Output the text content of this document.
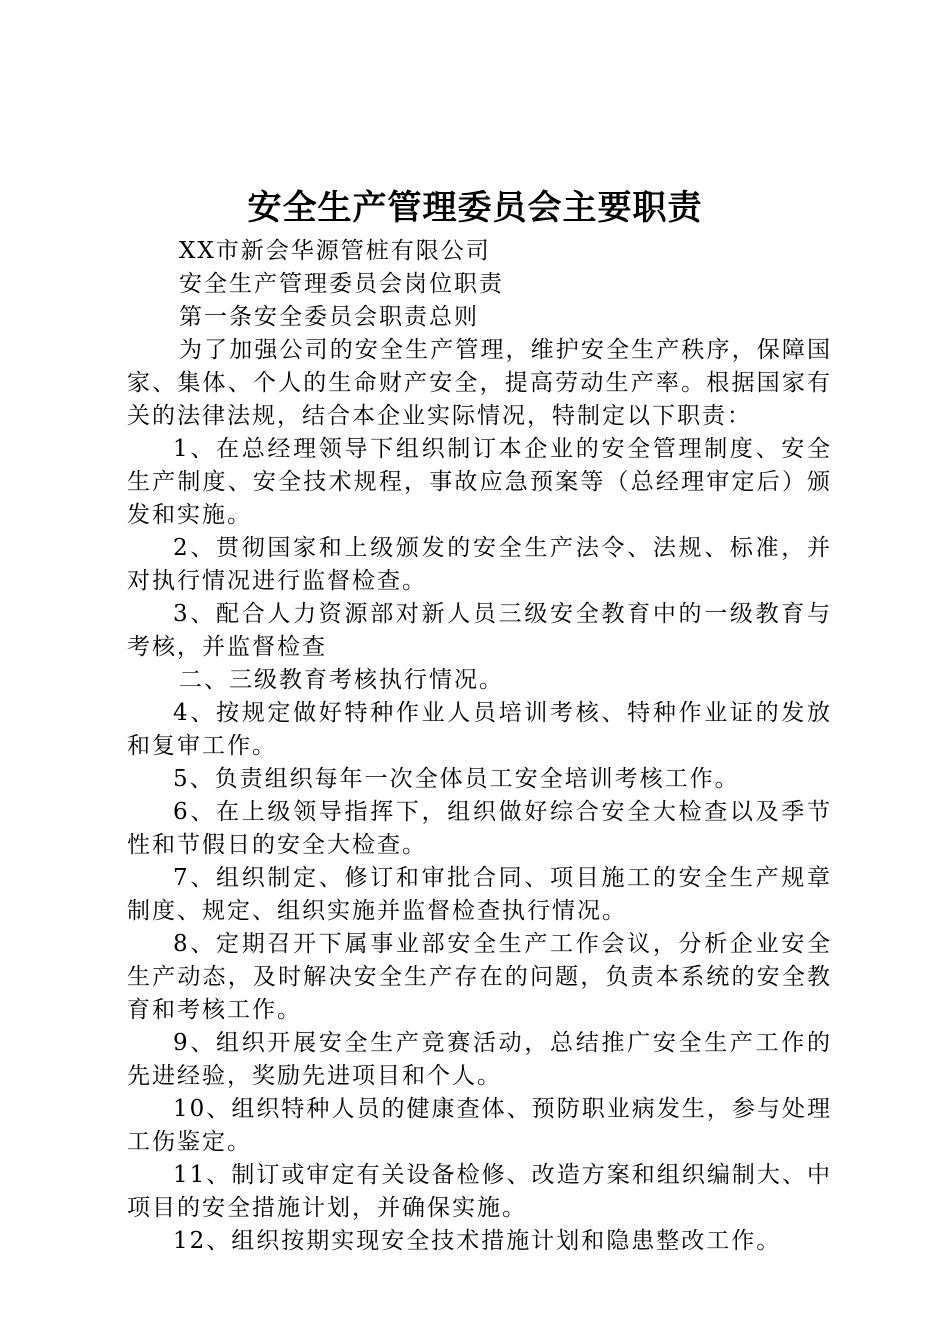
安全生产管理委员会主要职责

XX市新会华源管桩有限公司

安全生产管理委员会岗位职责

第一条安全委员会职责总则

为了加强公司的安全生产管理，维护安全生产秩序，保障国家、集体、个人的生命财产安全，提高劳动生产率。根据国家有关的法律法规，结合本企业实际情况，特制定以下职责：

1、在总经理领导下组织制订本企业的安全管理制度、安全生产制度、安全技术规程，事故应急预案等（总经理审定后）颁发和实施。

2、贯彻国家和上级颁发的安全生产法令、法规、标准，并对执行情况进行监督检查。

3、配合人力资源部对新人员三级安全教育中的一级教育与考核，并监督检查

二、三级教育考核执行情况。

4、按规定做好特种作业人员培训考核、特种作业证的发放和复审工作。

5、负责组织每年一次全体员工安全培训考核工作。

6、在上级领导指挥下，组织做好综合安全大检查以及季节性和节假日的安全大检查。

7、组织制定、修订和审批合同、项目施工的安全生产规章制度、规定、组织实施并监督检查执行情况。

8、定期召开下属事业部安全生产工作会议，分析企业安全生产动态，及时解决安全生产存在的问题，负责本系统的安全教育和考核工作。

9、组织开展安全生产竞赛活动，总结推广安全生产工作的先进经验，奖励先进项目和个人。

10、组织特种人员的健康查体、预防职业病发生，参与处理工伤鉴定。

11、制订或审定有关设备检修、改造方案和组织编制大、中项目的安全措施计划，并确保实施。

12、组织按期实现安全技术措施计划和隐患整改工作。
